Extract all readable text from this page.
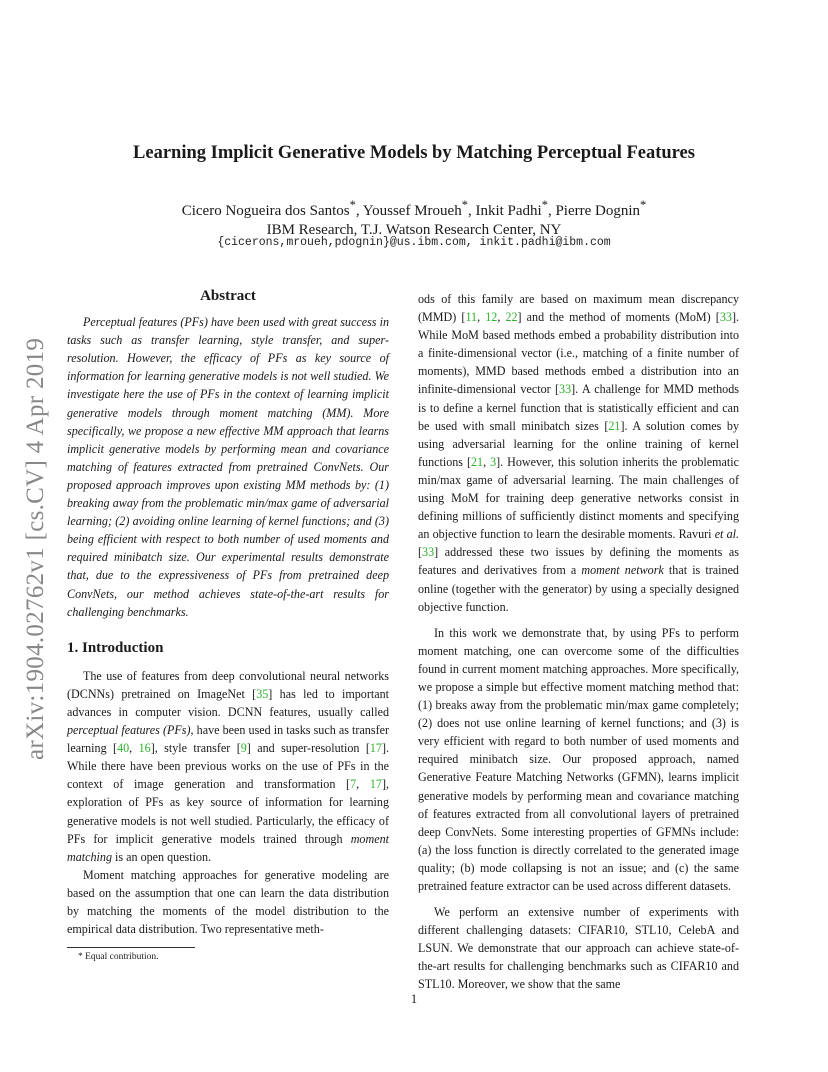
Learning Implicit Generative Models by Matching Perceptual Features
Cicero Nogueira dos Santos*, Youssef Mroueh*, Inkit Padhi*, Pierre Dognin*
IBM Research, T.J. Watson Research Center, NY
{cicerons,mroueh,pdognin}@us.ibm.com, inkit.padhi@ibm.com
arXiv:1904.02762v1 [cs.CV] 4 Apr 2019
Abstract

Perceptual features (PFs) have been used with great success in tasks such as transfer learning, style transfer, and super-resolution. However, the efficacy of PFs as key source of information for learning generative models is not well studied. We investigate here the use of PFs in the context of learning implicit generative models through moment matching (MM). More specifically, we propose a new effective MM approach that learns implicit generative models by performing mean and covariance matching of features extracted from pretrained ConvNets. Our proposed approach improves upon existing MM methods by: (1) breaking away from the problematic min/max game of adversarial learning; (2) avoiding online learning of kernel functions; and (3) being efficient with respect to both number of used moments and required minibatch size. Our experimental results demonstrate that, due to the expressiveness of PFs from pretrained deep ConvNets, our method achieves state-of-the-art results for challenging benchmarks.

1. Introduction

The use of features from deep convolutional neural networks (DCNNs) pretrained on ImageNet [35] has led to important advances in computer vision. DCNN features, usually called perceptual features (PFs), have been used in tasks such as transfer learning [40, 16], style transfer [9] and super-resolution [17]. While there have been previous works on the use of PFs in the context of image generation and transformation [7, 17], exploration of PFs as key source of information for learning generative models is not well studied. Particularly, the efficacy of PFs for implicit generative models trained through moment matching is an open question.

Moment matching approaches for generative modeling are based on the assumption that one can learn the data distribution by matching the moments of the model distribution to the empirical data distribution. Two representative meth-

ods of this family are based on maximum mean discrepancy (MMD) [11, 12, 22] and the method of moments (MoM) [33]. While MoM based methods embed a probability distribution into a finite-dimensional vector (i.e., matching of a finite number of moments), MMD based methods embed a distribution into an infinite-dimensional vector [33]. A challenge for MMD methods is to define a kernel function that is statistically efficient and can be used with small minibatch sizes [21]. A solution comes by using adversarial learning for the online training of kernel functions [21, 3]. However, this solution inherits the problematic min/max game of adversarial learning. The main challenges of using MoM for training deep generative networks consist in defining millions of sufficiently distinct moments and specifying an objective function to learn the desirable moments. Ravuri et al. [33] addressed these two issues by defining the moments as features and derivatives from a moment network that is trained online (together with the generator) by using a specially designed objective function.

In this work we demonstrate that, by using PFs to perform moment matching, one can overcome some of the difficulties found in current moment matching approaches. More specifically, we propose a simple but effective moment matching method that: (1) breaks away from the problematic min/max game completely; (2) does not use online learning of kernel functions; and (3) is very efficient with regard to both number of used moments and required minibatch size. Our proposed approach, named Generative Feature Matching Networks (GFMN), learns implicit generative models by performing mean and covariance matching of features extracted from all convolutional layers of pretrained deep ConvNets. Some interesting properties of GFMNs include: (a) the loss function is directly correlated to the generated image quality; (b) mode collapsing is not an issue; and (c) the same pretrained feature extractor can be used across different datasets.

We perform an extensive number of experiments with different challenging datasets: CIFAR10, STL10, CelebA and LSUN. We demonstrate that our approach can achieve state-of-the-art results for challenging benchmarks such as CIFAR10 and STL10. Moreover, we show that the same

* Equal contribution.
1
